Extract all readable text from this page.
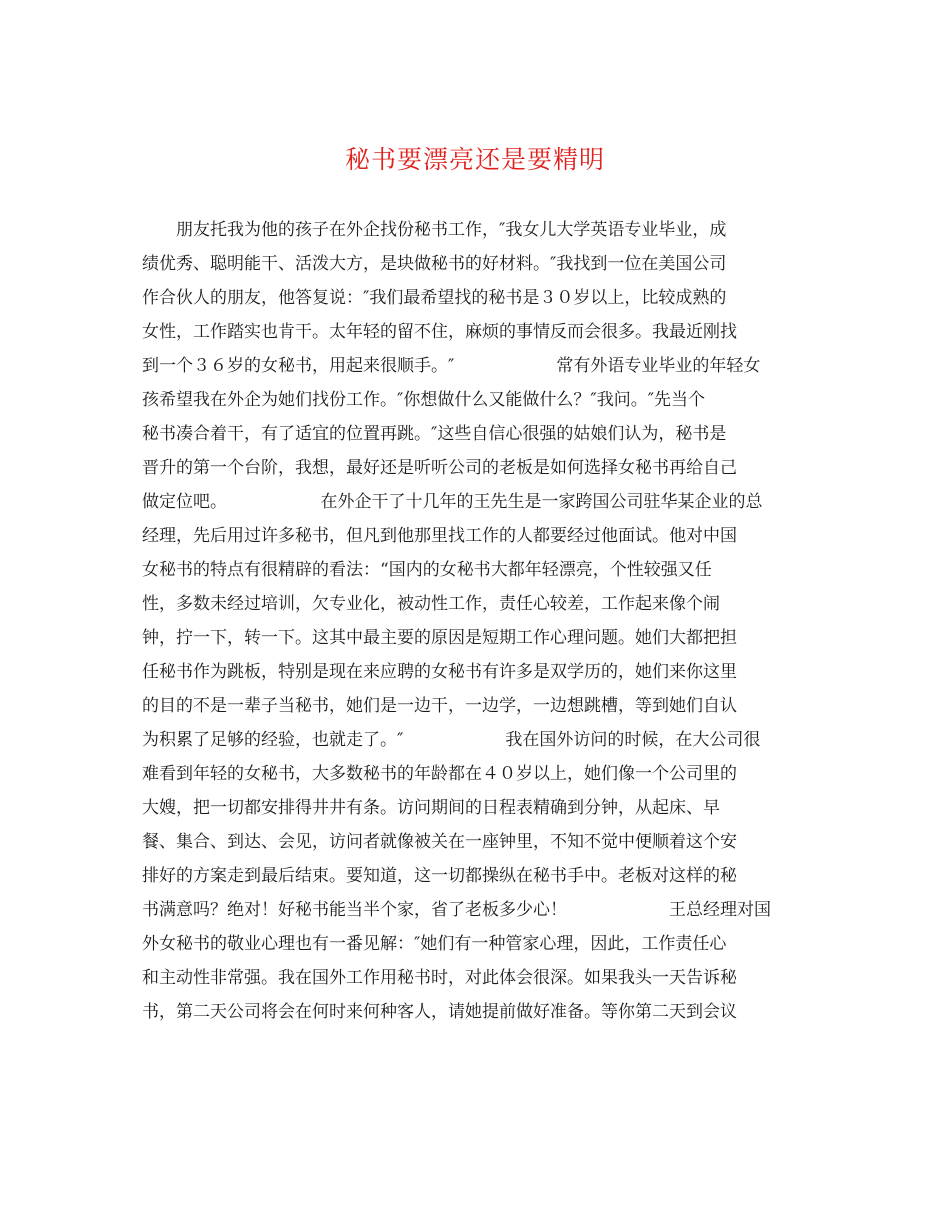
秘书要漂亮还是要精明
　　朋友托我为他的孩子在外企找份秘书工作，″我女儿大学英语专业毕业，成
绩优秀、聪明能干、活泼大方，是块做秘书的好材料。″我找到一位在美国公司
作合伙人的朋友，他答复说：″我们最希望找的秘书是３０岁以上，比较成熟的
女性，工作踏实也肯干。太年轻的留不住，麻烦的事情反而会很多。我最近刚找
到一个３６岁的女秘书，用起来很顺手。″　　　　　　常有外语专业毕业的年轻女
孩希望我在外企为她们找份工作。″你想做什么又能做什么？″我问。″先当个
秘书凑合着干，有了适宜的位置再跳。″这些自信心很强的姑娘们认为，秘书是
晋升的第一个台阶，我想，最好还是听听公司的老板是如何选择女秘书再给自己
做定位吧。　　　　　　在外企干了十几年的王先生是一家跨国公司驻华某企业的总
经理，先后用过许多秘书，但凡到他那里找工作的人都要经过他面试。他对中国
女秘书的特点有很精辟的看法：“国内的女秘书大都年轻漂亮，个性较强又任
性，多数未经过培训，欠专业化，被动性工作，责任心较差，工作起来像个闹
钟，拧一下，转一下。这其中最主要的原因是短期工作心理问题。她们大都把担
任秘书作为跳板，特别是现在来应聘的女秘书有许多是双学历的，她们来你这里
的目的不是一辈子当秘书，她们是一边干，一边学，一边想跳槽，等到她们自认
为积累了足够的经验，也就走了。″　　　　　　我在国外访问的时候，在大公司很
难看到年轻的女秘书，大多数秘书的年龄都在４０岁以上，她们像一个公司里的
大嫂，把一切都安排得井井有条。访问期间的日程表精确到分钟，从起床、早
餐、集合、到达、会见，访问者就像被关在一座钟里，不知不觉中便顺着这个安
排好的方案走到最后结束。要知道，这一切都操纵在秘书手中。老板对这样的秘
书满意吗？绝对！好秘书能当半个家，省了老板多少心！　　　　　　王总经理对国
外女秘书的敬业心理也有一番见解：″她们有一种管家心理，因此，工作责任心
和主动性非常强。我在国外工作用秘书时，对此体会很深。如果我头一天告诉秘
书，第二天公司将会在何时来何种客人，请她提前做好准备。等你第二天到会议
